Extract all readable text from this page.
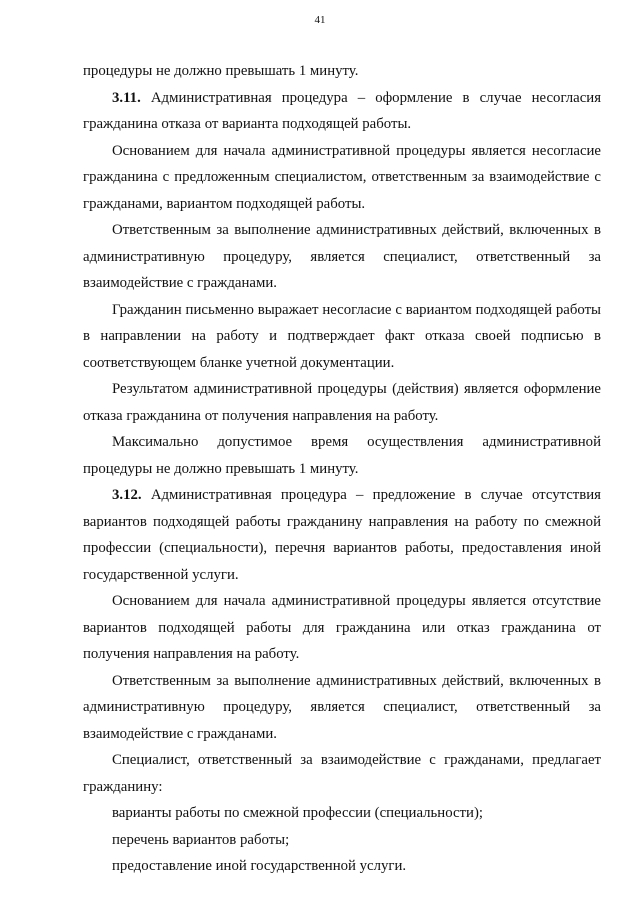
41

процедуры не должно превышать 1 минуту.

3.11. Административная процедура – оформление в случае несогласия гражданина отказа от варианта подходящей работы.

Основанием для начала административной процедуры является несогласие гражданина с предложенным специалистом, ответственным за взаимодействие с гражданами, вариантом подходящей работы.

Ответственным за выполнение административных действий, включенных в административную процедуру, является специалист, ответственный за взаимодействие с гражданами.

Гражданин письменно выражает несогласие с вариантом подходящей работы в направлении на работу и подтверждает факт отказа своей подписью в соответствующем бланке учетной документации.

Результатом административной процедуры (действия) является оформление отказа гражданина от получения направления на работу.

Максимально допустимое время осуществления административной процедуры не должно превышать 1 минуту.

3.12. Административная процедура – предложение в случае отсутствия вариантов подходящей работы гражданину направления на работу по смежной профессии (специальности), перечня вариантов работы, предоставления иной государственной услуги.

Основанием для начала административной процедуры является отсутствие вариантов подходящей работы для гражданина или отказ гражданина от получения направления на работу.

Ответственным за выполнение административных действий, включенных в административную процедуру, является специалист, ответственный за взаимодействие с гражданами.

Специалист, ответственный за взаимодействие с гражданами, предлагает гражданину:

варианты работы по смежной профессии (специальности);

перечень вариантов работы;

предоставление иной государственной услуги.
